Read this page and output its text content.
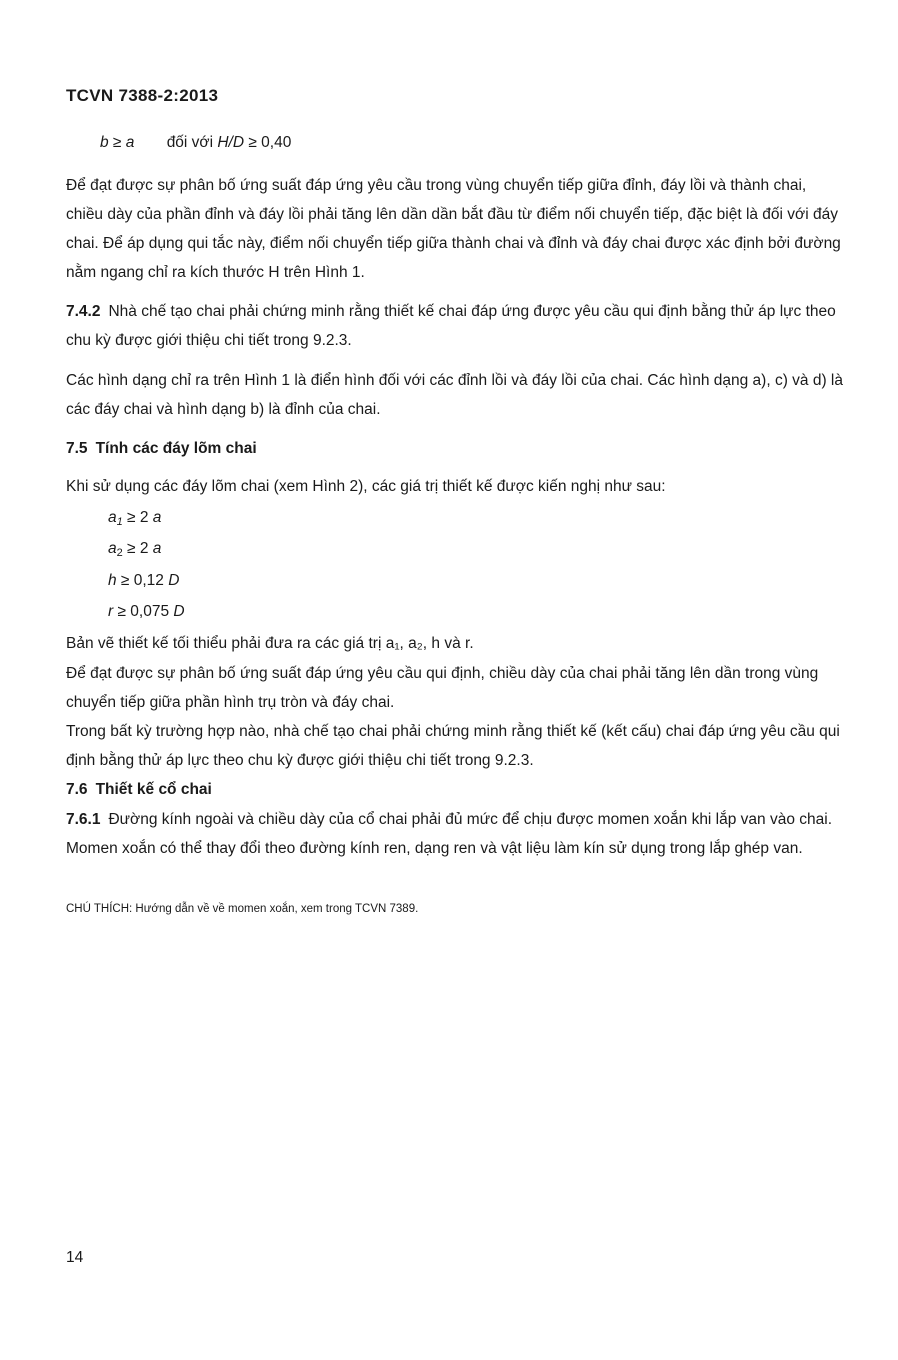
TCVN 7388-2:2013
b ≥ a đối với H/D ≥ 0,40

Để đạt được sự phân bố ứng suất đáp ứng yêu cầu trong vùng chuyển tiếp giữa đỉnh, đáy lồi và thành chai, chiều dày của phần đỉnh và đáy lồi phải tăng lên dần dần bắt đầu từ điểm nối chuyển tiếp, đặc biệt là đối với đáy chai. Để áp dụng qui tắc này, điểm nối chuyển tiếp giữa thành chai và đỉnh và đáy chai được xác định bởi đường nằm ngang chỉ ra kích thước H trên Hình 1.

7.4.2 Nhà chế tạo chai phải chứng minh rằng thiết kế chai đáp ứng được yêu cầu qui định bằng thử áp lực theo chu kỳ được giới thiệu chi tiết trong 9.2.3.

Các hình dạng chỉ ra trên Hình 1 là điển hình đối với các đỉnh lồi và đáy lồi của chai. Các hình dạng a), c) và d) là các đáy chai và hình dạng b) là đỉnh của chai.

7.5 Tính các đáy lõm chai

Khi sử dụng các đáy lõm chai (xem Hình 2), các giá trị thiết kế được kiến nghị như sau:

$a_1 \ge 2$ a
$a_2 \ge 2$ a
h ≥ 0,12 D
r ≥ 0,075 D

Bản vẽ thiết kế tối thiểu phải đưa ra các giá trị a₁, a₂, h và r.

Để đạt được sự phân bố ứng suất đáp ứng yêu cầu qui định, chiều dày của chai phải tăng lên dần trong vùng chuyển tiếp giữa phần hình trụ tròn và đáy chai.

Trong bất kỳ trường hợp nào, nhà chế tạo chai phải chứng minh rằng thiết kế (kết cấu) chai đáp ứng yêu cầu qui định bằng thử áp lực theo chu kỳ được giới thiệu chi tiết trong 9.2.3.

7.6 Thiết kế cổ chai

7.6.1 Đường kính ngoài và chiều dày của cổ chai phải đủ mức để chịu được momen xoắn khi lắp van vào chai. Momen xoắn có thể thay đổi theo đường kính ren, dạng ren và vật liệu làm kín sử dụng trong lắp ghép van.

CHÚ THÍCH: Hướng dẫn về về momen xoắn, xem trong TCVN 7389.
14
